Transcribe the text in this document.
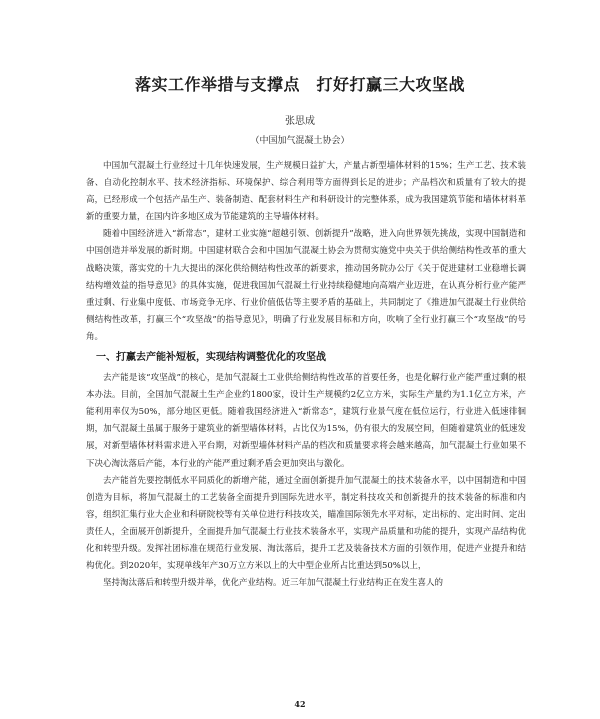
落实工作举措与支撑点　打好打赢三大攻坚战
张思成
（中国加气混凝土协会）

中国加气混凝土行业经过十几年快速发展，生产规模日益扩大，产量占新型墙体材料的15%；生产工艺、技术装备、自动化控制水平、技术经济指标、环境保护、综合利用等方面得到长足的进步；产品档次和质量有了较大的提高，已经形成一个包括产品生产、装备制造、配套材料生产和科研设计的完整体系，成为我国建筑节能和墙体材料革新的重要力量，在国内许多地区成为节能建筑的主导墙体材料。

随着中国经济进入“新常态”，建材工业实施“超越引领、创新提升”战略，进入向世界领先挑战，实现中国制造和中国创造并举发展的新时期。中国建材联合会和中国加气混凝土协会为贯彻实施党中央关于供给侧结构性改革的重大战略决策，落实党的十九大提出的深化供给侧结构性改革的新要求，推动国务院办公厅《关于促进建材工业稳增长调结构增效益的指导意见》的具体实施，促进我国加气混凝土行业持续稳健地向高端产业迈进，在认真分析行业产能严重过剩、行业集中度低、市场竞争无序、行业价值低估等主要矛盾的基础上，共同制定了《推进加气混凝土行业供给侧结构性改革，打赢三个“攻坚战”的指导意见》，明确了行业发展目标和方向，吹响了全行业打赢三个“攻坚战”的号角。

一、打赢去产能补短板，实现结构调整优化的攻坚战

去产能是该“攻坚战”的核心，是加气混凝土工业供给侧结构性改革的首要任务，也是化解行业产能严重过剩的根本办法。目前，全国加气混凝土生产企业约1800家，设计生产规模约2亿立方米，实际生产量约为1.1亿立方米，产能利用率仅为50%，部分地区更低。随着我国经济进入“新常态”，建筑行业景气度在低位运行，行业进入低速徘徊期，加气混凝土虽属于服务于建筑业的新型墙体材料，占比仅为15%，仍有很大的发展空间，但随着建筑业的低速发展，对新型墙体材料需求进入平台期，对新型墙体材料产品的档次和质量要求将会越来越高，加气混凝土行业如果不下决心淘汰落后产能，本行业的产能严重过剩矛盾会更加突出与激化。

去产能首先要控制低水平同质化的新增产能，通过全面创新提升加气混凝土的技术装备水平，以中国制造和中国创造为目标，将加气混凝土的工艺装备全面提升到国际先进水平，制定科技攻关和创新提升的技术装备的标准和内容，组织汇集行业大企业和科研院校等有关单位进行科技攻关，瞄准国际领先水平对标，定出标的、定出时间、定出责任人，全面展开创新提升，全面提升加气混凝土行业技术装备水平，实现产品质量和功能的提升，实现产品结构优化和转型升级。发挥社团标准在规范行业发展、淘汰落后，提升工艺及装备技术方面的引领作用，促进产业提升和结构优化。到2020年，实现单线年产30万立方米以上的大中型企业所占比重达到50%以上，

坚持淘汰落后和转型升级并举，优化产业结构。近三年加气混凝土行业结构正在发生喜人的

42
